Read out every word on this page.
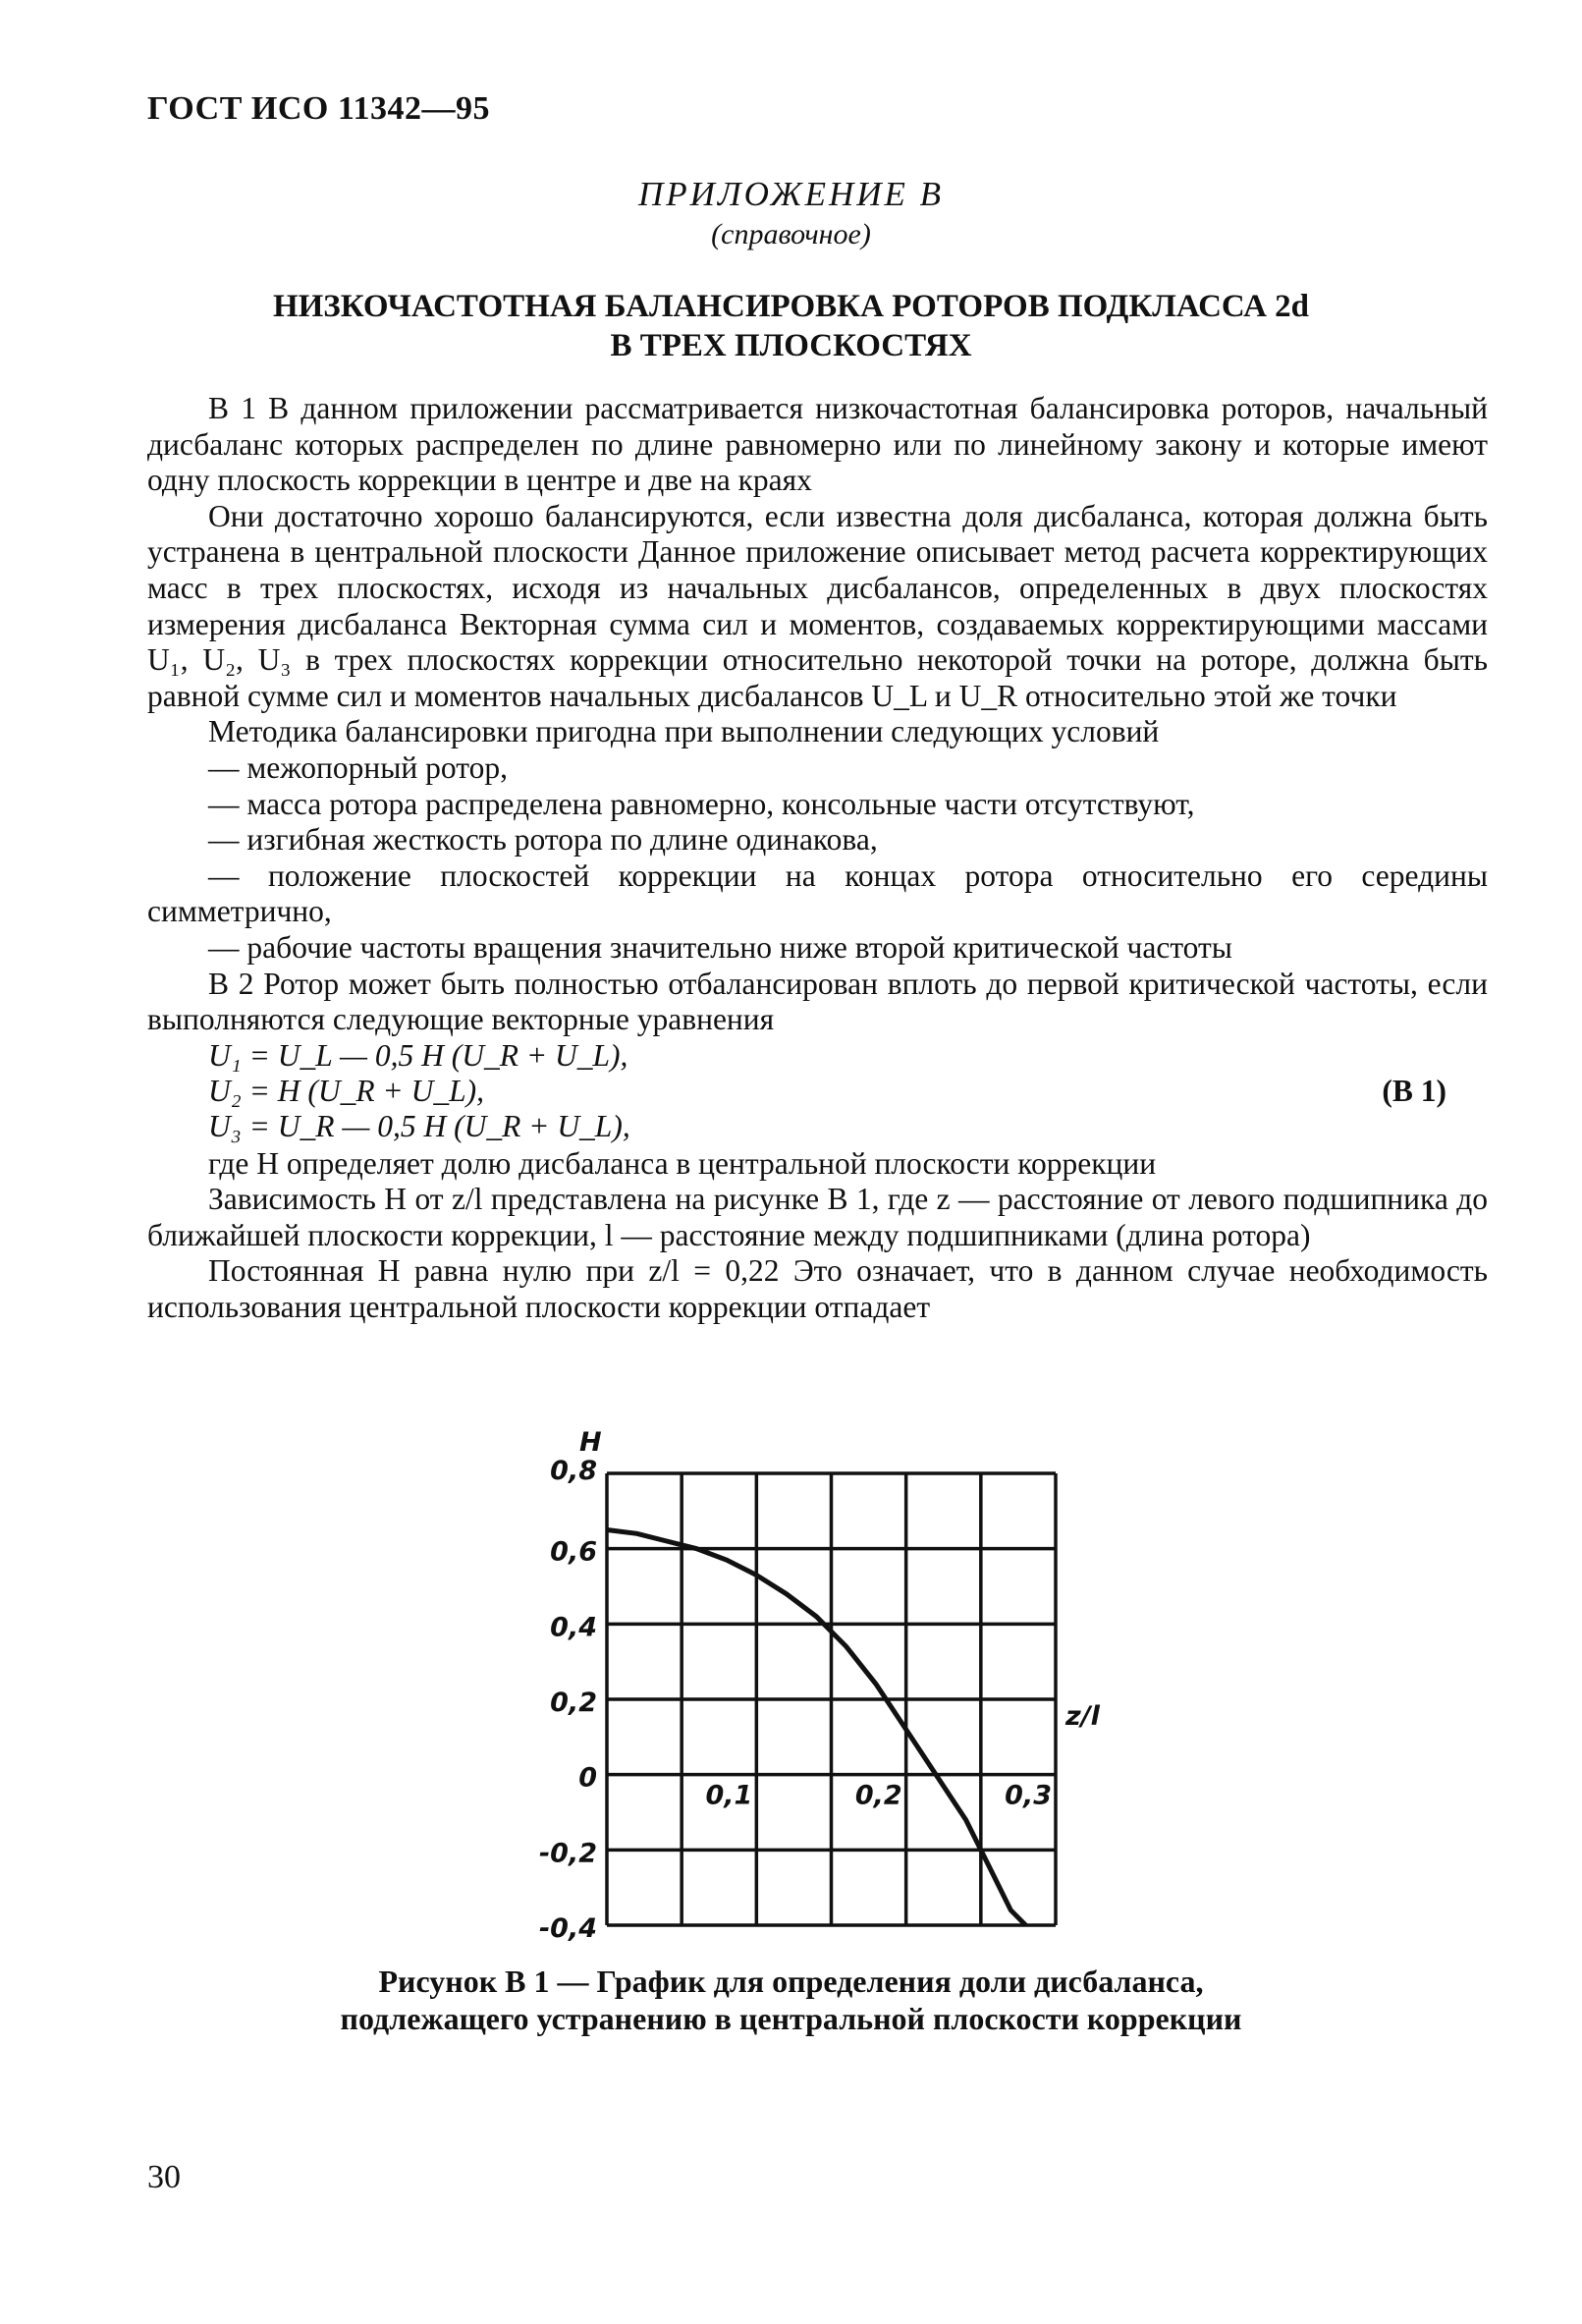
ГОСТ ИСО 11342—95
ПРИЛОЖЕНИЕ В
(справочное)
НИЗКОЧАСТОТНАЯ БАЛАНСИРОВКА РОТОРОВ ПОДКЛАССА 2d
В ТРЕХ ПЛОСКОСТЯХ

В 1 В данном приложении рассматривается низкочастотная балансировка роторов, начальный дисбаланс которых распределен по длине равномерно или по линейному закону и которые имеют одну плоскость коррекции в центре и две на краях

Они достаточно хорошо балансируются, если известна доля дисбаланса, которая должна быть устранена в центральной плоскости Данное приложение описывает метод расчета корректирующих масс в трех плоскостях, исходя из начальных дисбалансов, определенных в двух плоскостях измерения дисбаланса Векторная сумма сил и моментов, создаваемых корректирующими массами U₁, U₂, U₃ в трех плоскостях коррекции относительно некоторой точки на роторе, должна быть равной сумме сил и моментов начальных дисбалансов U_L и U_R относительно этой же точки

Методика балансировки пригодна при выполнении следующих условий

— межопорный ротор,

— масса ротора распределена равномерно, консольные части отсутствуют,

— изгибная жесткость ротора по длине одинакова,

— положение плоскостей коррекции на концах ротора относительно его середины симметрично,

— рабочие частоты вращения значительно ниже второй критической частоты

В 2 Ротор может быть полностью отбалансирован вплоть до первой критической частоты, если выполняются следующие векторные уравнения

U₁ = U_L — 0,5 H (U_R + U_L),
U₂ = H (U_R + U_L),
U₃ = U_R — 0,5 H (U_R + U_L),
(В 1)

где H определяет долю дисбаланса в центральной плоскости коррекции

Зависимость H от z/l представлена на рисунке В 1, где z — расстояние от левого подшипника до ближайшей плоскости коррекции, l — расстояние между подшипниками (длина ротора)

Постоянная H равна нулю при z/l = 0,22 Это означает, что в данном случае необходимость использования центральной плоскости коррекции отпадает

H
0,8
0,6
0,4
0,2
0
-0,2
-0,4
0,1	0,2	0,3
z/l
Рисунок В 1 — График для определения доли дисбаланса,
подлежащего устранению в центральной плоскости коррекции
30
